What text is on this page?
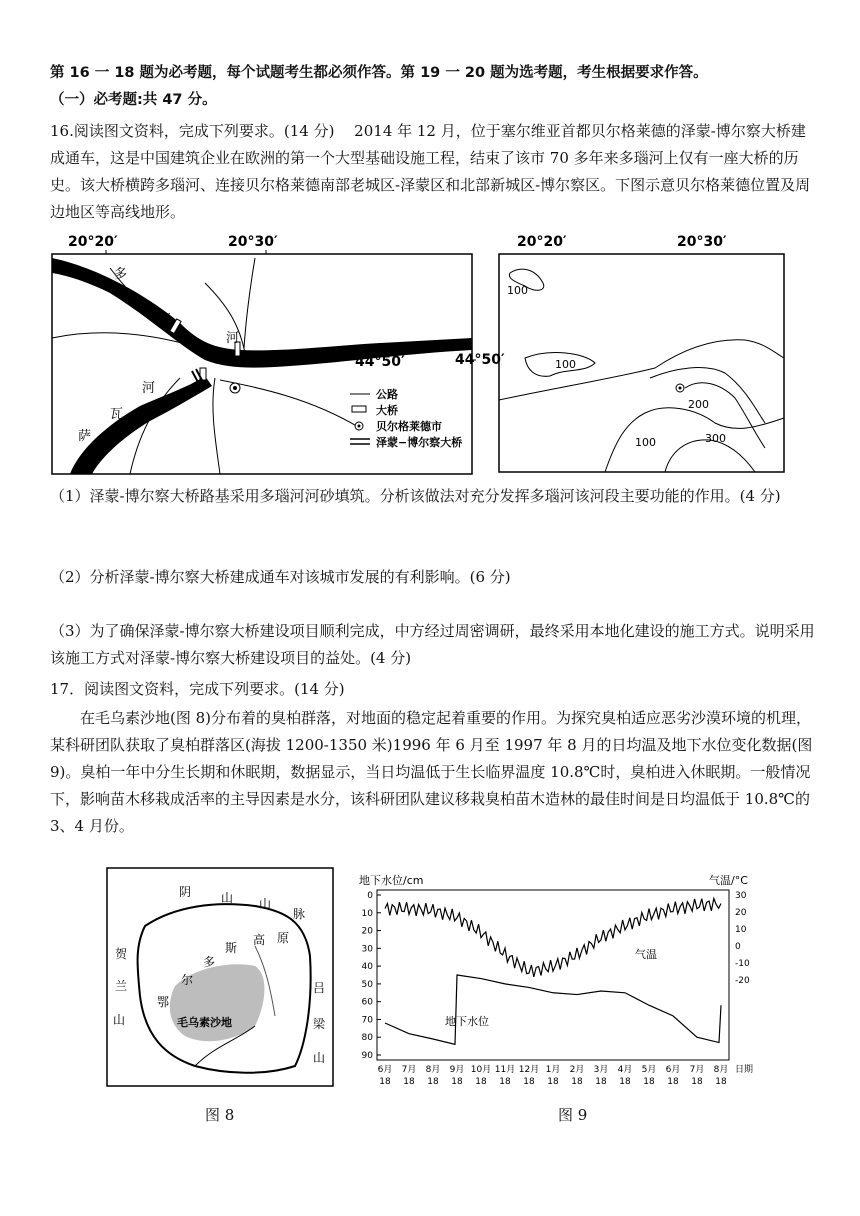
第 16 一 18 题为必考题，每个试题考生都必须作答。第 19 一 20 题为选考题，考生根据要求作答。

（一）必考题:共 47 分。

16.阅读图文资料，完成下列要求。(14 分)　 2014 年 12 月，位于塞尔维亚首都贝尔格莱德的泽蒙-博尔察大桥建成通车，这是中国建筑企业在欧洲的第一个大型基础设施工程，结束了该市 70 多年来多瑙河上仅有一座大桥的历史。该大桥横跨多瑙河、连接贝尔格莱德南部老城区-泽蒙区和北部新城区-博尔察区。下图示意贝尔格莱德位置及周边地区等高线地形。

20°20′	20°30′
44°50′
多
瑙
河
萨
瓦
河	公路
大桥
贝尔格莱德市
泽蒙−博尔察大桥
20°20′	20°30′
44°50′
100
100
200
100	300

（1）泽蒙-博尔察大桥路基采用多瑙河河砂填筑。分析该做法对充分发挥多瑙河该河段主要功能的作用。(4 分)

（2）分析泽蒙-博尔察大桥建成通车对该城市发展的有利影响。(6 分)

（3）为了确保泽蒙-博尔察大桥建设项目顺利完成，中方经过周密调研，最终采用本地化建设的施工方式。说明采用该施工方式对泽蒙-博尔察大桥建设项目的益处。(4 分)

17．阅读图文资料，完成下列要求。(14 分)

在毛乌素沙地(图 8)分布着的臭柏群落，对地面的稳定起着重要的作用。为探究臭柏适应恶劣沙漠环境的机理，某科研团队获取了臭柏群落区(海拔 1200-1350 米)1996 年 6 月至 1997 年 8 月的日均温及地下水位变化数据(图 9)。臭柏一年中分生长期和休眠期，数据显示，当日均温低于生长临界温度 10.8℃时，臭柏进入休眠期。一般情况下，影响苗木移栽成活率的主导因素是水分，该科研团队建议移栽臭柏苗木造林的最佳时间是日均温低于 10.8℃的 3、4 月份。

阴 山 山
脉
贺
兰
山
吕
梁
山
鄂
尔
多
斯
高 原
毛乌素沙地
图 8
地下水位/cm	气温/°C
日期
0
10
20
30
40
50
60
70
80
90
30
20
10
0
-10
-20
6月
18
7月
18
8月
18
9月
18
10月
18
11月
18
12月
18
1月
18
2月
18
3月
18
4月
18
5月
18
6月
18
7月
18
8月
18
气温
地下水位
图 9
